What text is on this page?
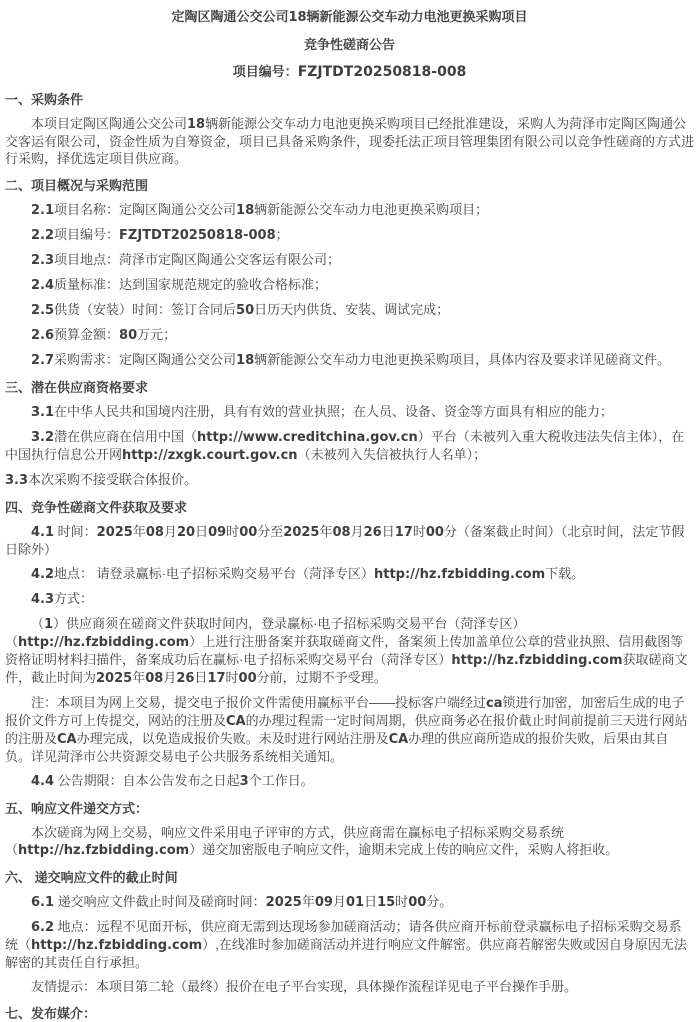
定陶区陶通公交公司18辆新能源公交车动力电池更换采购项目
竞争性磋商公告
项目编号：FZJTDT20250818-008
一、采购条件

本项目定陶区陶通公交公司18辆新能源公交车动力电池更换采购项目已经批准建设，采购人为菏泽市定陶区陶通公交客运有限公司，资金性质为自筹资金，项目已具备采购条件，现委托法正项目管理集团有限公司以竞争性磋商的方式进行采购，择优选定项目供应商。

二、项目概况与采购范围

2.1项目名称：定陶区陶通公交公司18辆新能源公交车动力电池更换采购项目；

2.2项目编号：FZJTDT20250818-008；

2.3项目地点：菏泽市定陶区陶通公交客运有限公司；

2.4质量标准：达到国家规范规定的验收合格标准；

2.5供货（安装）时间：签订合同后50日历天内供货、安装、调试完成；

2.6预算金额：80万元；

2.7采购需求：定陶区陶通公交公司18辆新能源公交车动力电池更换采购项目，具体内容及要求详见磋商文件。

三、潜在供应商资格要求

3.1在中华人民共和国境内注册，具有有效的营业执照；在人员、设备、资金等方面具有相应的能力；

3.2潜在供应商在信用中国（http://www.creditchina.gov.cn）平台（未被列入重大税收违法失信主体），在中国执行信息公开网http://zxgk.court.gov.cn（未被列入失信被执行人名单）；

3.3本次采购不接受联合体报价。

四、竞争性磋商文件获取及要求

4.1 时间：2025年08月20日09时00分至2025年08月26日17时00分（备案截止时间）（北京时间，法定节假日除外）

4.2地点： 请登录赢标·电子招标采购交易平台（菏泽专区）http://hz.fzbidding.com下载。

4.3方式：

（1）供应商须在磋商文件获取时间内，登录赢标·电子招标采购交易平台（菏泽专区）（http://hz.fzbidding.com）上进行注册备案并获取磋商文件，备案须上传加盖单位公章的营业执照、信用截图等资格证明材料扫描件，备案成功后在赢标·电子招标采购交易平台（菏泽专区）http://hz.fzbidding.com获取磋商文件，截止时间为2025年08月26日17时00分前，过期不予受理。

注：本项目为网上交易，提交电子报价文件需使用赢标平台——投标客户端经过ca锁进行加密，加密后生成的电子报价文件方可上传提交，网站的注册及CA的办理过程需一定时间周期，供应商务必在报价截止时间前提前三天进行网站的注册及CA办理完成，以免造成报价失败。未及时进行网站注册及CA办理的供应商所造成的报价失败，后果由其自负。详见菏泽市公共资源交易电子公共服务系统相关通知。

4.4 公告期限：自本公告发布之日起3个工作日。

五、响应文件递交方式：

本次磋商为网上交易，响应文件采用电子评审的方式，供应商需在赢标电子招标采购交易系统（http://hz.fzbidding.com）递交加密版电子响应文件，逾期未完成上传的响应文件，采购人将拒收。

六、 递交响应文件的截止时间

6.1 递交响应文件截止时间及磋商时间：2025年09月01日15时00分。

6.2 地点：远程不见面开标，供应商无需到达现场参加磋商活动；请各供应商开标前登录赢标电子招标采购交易系统（http://hz.fzbidding.com）,在线准时参加磋商活动并进行响应文件解密。供应商若解密失败或因自身原因无法解密的其责任自行承担。

友情提示：本项目第二轮（最终）报价在电子平台实现，具体操作流程详见电子平台操作手册。

七、发布媒介：
